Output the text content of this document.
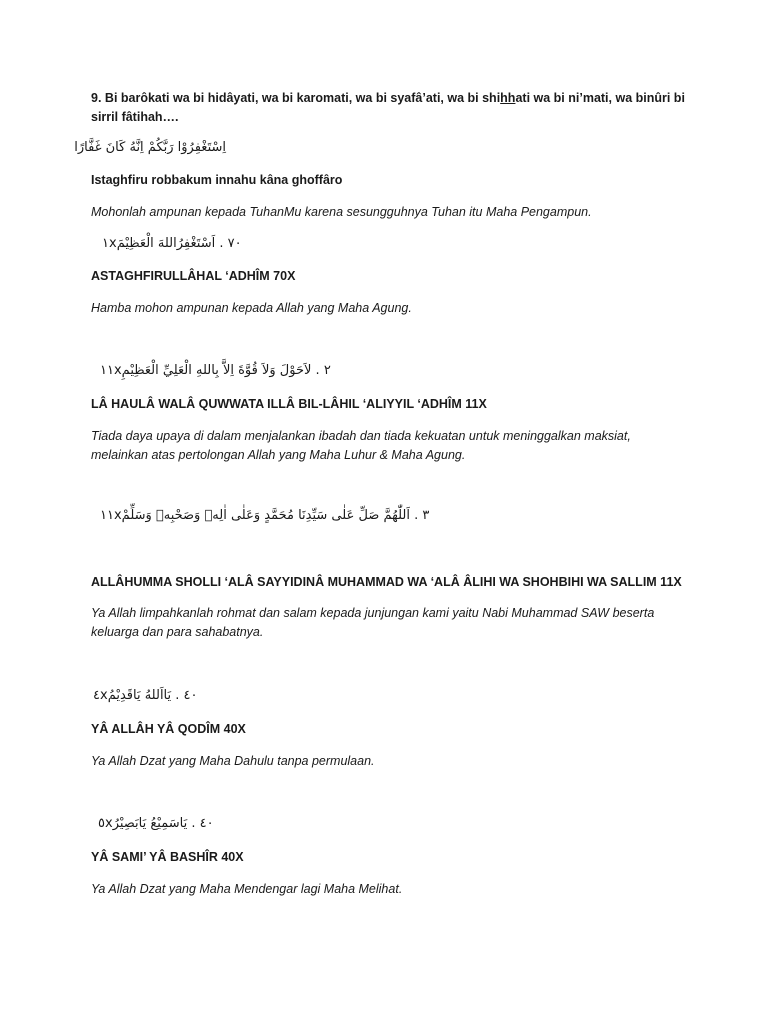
9. Bi barôkati wa bi hidâyati, wa bi karomati, wa bi syafâ’ati, wa bi shihhati wa bi ni’mati, wa binûri bi sirril fâtihah….
اِسْتَغْفِرُوْا رَبَّكُمْ اِنَّهُ كَانَ غَفَّارًا
Istaghfiru robbakum innahu kâna ghoffâro
Mohonlah ampunan kepada TuhanMu karena sesungguhnya Tuhan itu Maha Pengampun.
١x٧٠ . اَسْتَغْفِرُاللهَ الْعَظِيْمَ
ASTAGHFIRULLÂHAL ‘ADHÎM 70X
Hamba mohon ampunan kepada Allah yang Maha Agung.
١١x٢ . لاَحَوْلَ وَلاَ قُوَّةَ اِلاَّ بِاللهِ الْعَلِيِّ الْعَظِيْمِ
LÂ HAULÂ WALÂ QUWWATA ILLÂ BIL-LÂHIL ‘ALIYYIL ‘ADHÎM 11X
Tiada daya upaya di dalam menjalankan ibadah dan tiada kekuatan untuk meninggalkan maksiat,
melainkan atas pertolongan Allah yang Maha Luhur & Maha Agung.
١١x٣ . اَللّٰهُمَّ صَلِّ عَلٰى سَيِّدِنَا مُحَمَّدٍ وَعَلٰى اٰلِهٖ وَصَحْبِهٖ وَسَلِّمْ
ALLÂHUMMA SHOLLI ‘ALÂ SAYYIDINÂ MUHAMMAD WA ‘ALÂ ÂLIHI WA SHOHBIHI WA SALLIM 11X
Ya Allah limpahkanlah rohmat dan salam kepada junjungan kami yaitu Nabi Muhammad SAW beserta
keluarga dan para sahabatnya.
٤x٤٠ . يَااَللهُ يَاقَدِيْمُ
YÂ ALLÂH YÂ QODÎM 40X
Ya Allah Dzat yang Maha Dahulu tanpa permulaan.
٥x٤٠ . يَاسَمِيْعُ يَابَصِيْرُ
YÂ SAMI’ YÂ BASHÎR 40X
Ya Allah Dzat yang Maha Mendengar lagi Maha Melihat.
